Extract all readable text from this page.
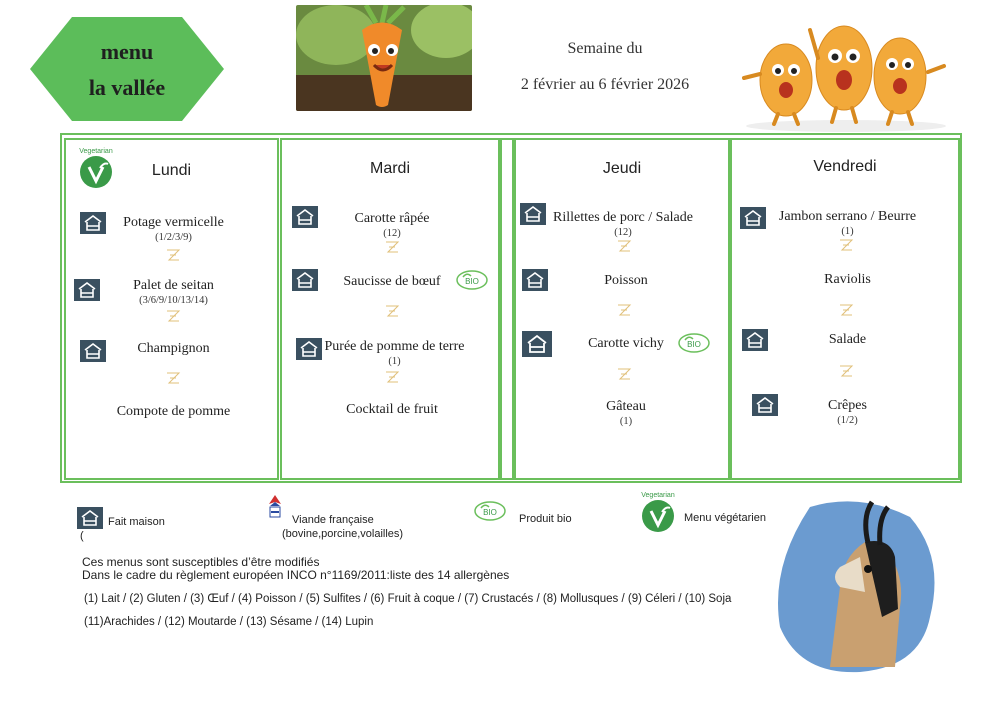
menu
la vallée
Semaine du
2 février au 6 février 2026
Vegetarian
Lundi
Potage vermicelle
(1/2/3/9)
Palet de seitan
(3/6/9/10/13/14)
Champignon
Compote de pomme
Mardi
Carotte râpée
(12)
Saucisse de bœuf	BIO
Purée de pomme de terre
(1)
Cocktail de fruit
Jeudi
Rillettes de porc / Salade
(12)
Poisson
Carotte vichy	BIO
Gâteau
(1)
Vendredi
Jambon serrano / Beurre
(1)
Raviolis
Salade
Crêpes
(1/2)
Fait maison
(
Viande française
(bovine,porcine,volailles)
BIO
Produit bio
Vegetarian
Menu végétarien
Ces menus sont susceptibles d’être modifiés
Dans le cadre du règlement européen INCO n°1169/2011:liste des 14 allergènes
(1) Lait / (2) Gluten / (3) Œuf / (4) Poisson / (5) Sulfites / (6) Fruit à coque / (7) Crustacés / (8) Mollusques / (9) Céleri / (10) Soja
(11)Arachides / (12) Moutarde / (13) Sésame / (14) Lupin
